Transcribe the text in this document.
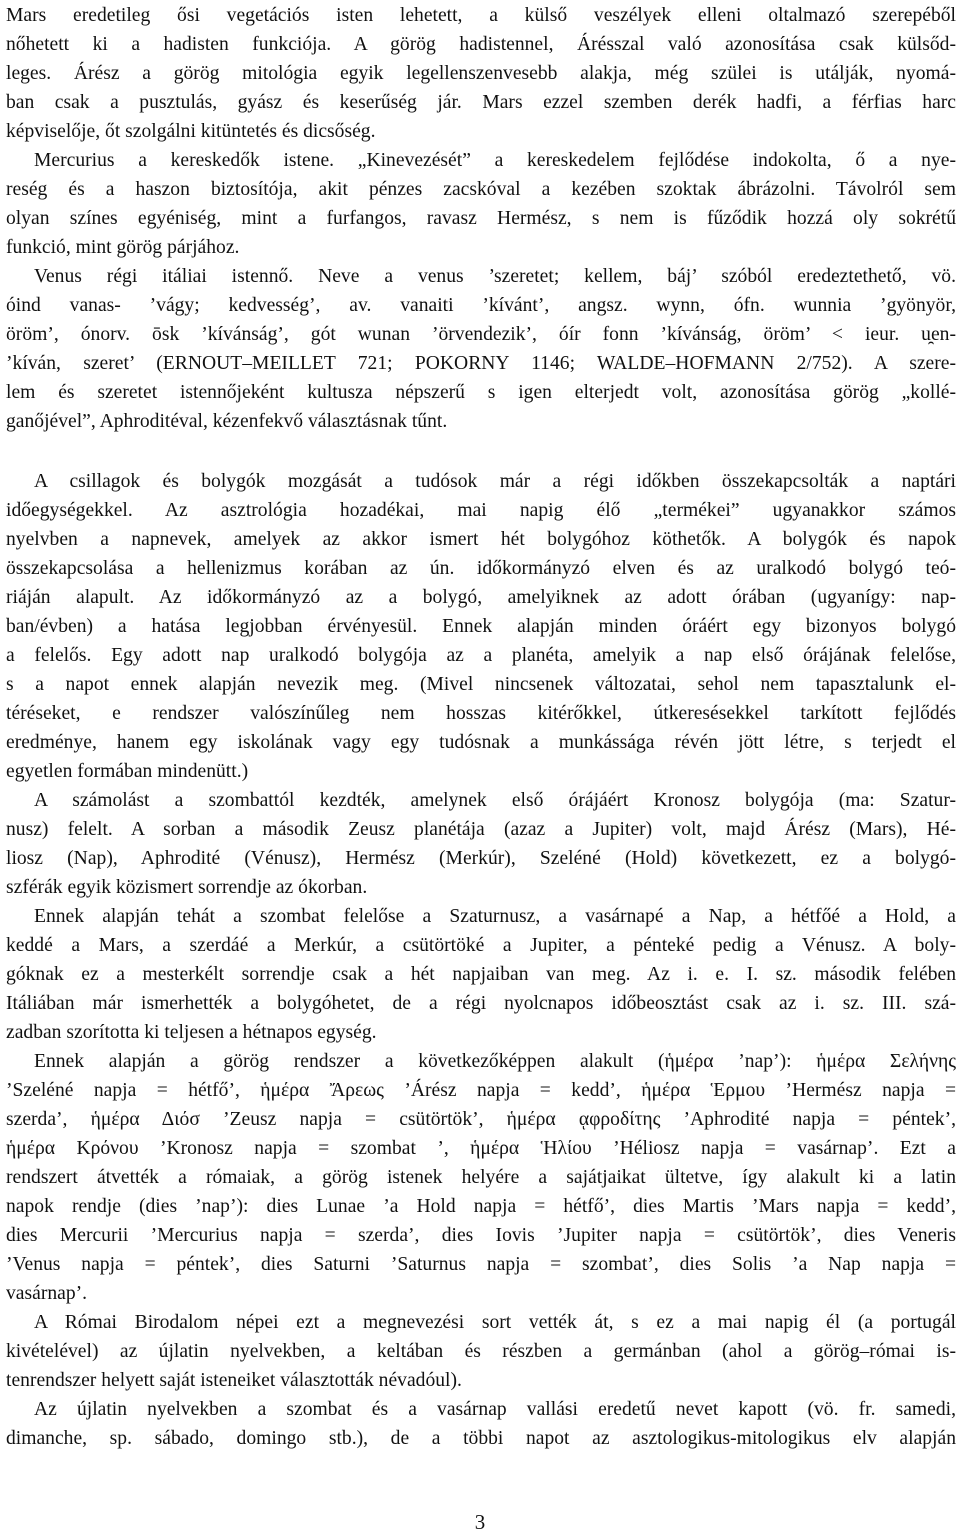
Mars eredetileg ősi vegetációs isten lehetett, a külső veszélyek elleni oltalmazó szerepéből
nőhetett ki a hadisten funkciója. A görög hadistennel, Árésszal való azonosítása csak külsőd-
leges. Árész a görög mitológia egyik legellenszenvesebb alakja, még szülei is utálják, nyomá-
ban csak a pusztulás, gyász és keserűség jár. Mars ezzel szemben derék hadfi, a férfias harc
képviselője, őt szolgálni kitüntetés és dicsőség.
Mercurius a kereskedők istene. „Kinevezését” a kereskedelem fejlődése indokolta, ő a nye-
reség és a haszon biztosítója, akit pénzes zacskóval a kezében szoktak ábrázolni. Távolról sem
olyan színes egyéniség, mint a furfangos, ravasz Hermész, s nem is fűződik hozzá oly sokrétű
funkció, mint görög párjához.
Venus régi itáliai istennő. Neve a venus ’szeretet; kellem, báj’ szóból eredeztethető, vö.
óind vanas- ’vágy; kedvesség’, av. vanaiti ’kívánt’, angsz. wynn, ófn. wunnia ’gyönyör,
öröm’, ónorv. ōsk ’kívánság’, gót wunan ’örvendezik’, óír fonn ’kívánság, öröm’ < ieur. u̯en-
’kíván, szeret’ (ERNOUT–MEILLET 721; POKORNY 1146; WALDE–HOFMANN 2/752). A szere-
lem és szeretet istennőjeként kultusza népszerű s igen elterjedt volt, azonosítása görög „kollé-
ganőjével”, Aphroditéval, kézenfekvő választásnak tűnt.
A csillagok és bolygók mozgását a tudósok már a régi időkben összekapcsolták a naptári
időegységekkel. Az asztrológia hozadékai, mai napig élő „termékei” ugyanakkor számos
nyelvben a napnevek, amelyek az akkor ismert hét bolygóhoz köthetők. A bolygók és napok
összekapcsolása a hellenizmus korában az ún. időkormányzó elven és az uralkodó bolygó teó-
riáján alapult. Az időkormányzó az a bolygó, amelyiknek az adott órában (ugyanígy: nap-
ban/évben) a hatása legjobban érvényesül. Ennek alapján minden óráért egy bizonyos bolygó
a felelős. Egy adott nap uralkodó bolygója az a planéta, amelyik a nap első órájának felelőse,
s a napot ennek alapján nevezik meg. (Mivel nincsenek változatai, sehol nem tapasztalunk el-
téréseket, e rendszer valószínűleg nem hosszas kitérőkkel, útkeresésekkel tarkított fejlődés
eredménye, hanem egy iskolának vagy egy tudósnak a munkássága révén jött létre, s terjedt el
egyetlen formában mindenütt.)
A számolást a szombattól kezdték, amelynek első órájáért Kronosz bolygója (ma: Szatur-
nusz) felelt. A sorban a második Zeusz planétája (azaz a Jupiter) volt, majd Árész (Mars), Hé-
liosz (Nap), Aphrodité (Vénusz), Hermész (Merkúr), Szeléné (Hold) következett, ez a bolygó-
szférák egyik közismert sorrendje az ókorban.
Ennek alapján tehát a szombat felelőse a Szaturnusz, a vasárnapé a Nap, a hétfőé a Hold, a
keddé a Mars, a szerdáé a Merkúr, a csütörtöké a Jupiter, a pénteké pedig a Vénusz. A boly-
góknak ez a mesterkélt sorrendje csak a hét napjaiban van meg. Az i. e. I. sz. második felében
Itáliában már ismerhették a bolygóhetet, de a régi nyolcnapos időbeosztást csak az i. sz. III. szá-
zadban szorította ki teljesen a hétnapos egység.
Ennek alapján a görög rendszer a következőképpen alakult (ἡμέρα ’nap’): ἡμέρα Σελήνης
’Szeléné napja = hétfő’, ἡμέρα Ἄρεως ’Árész napja = kedd’, ἡμέρα Ἑρμου ’Hermész napja =
szerda’, ἡμέρα Διόσ ’Zeusz napja = csütörtök’, ἡμέρα ᾳφροδίτης ’Aphrodité napja = péntek’,
ἡμέρα Κρόνου ’Kronosz napja = szombat ’, ἡμέρα Ἡλίου ’Héliosz napja = vasárnap’. Ezt a
rendszert átvették a rómaiak, a görög istenek helyére a sajátjaikat ültetve, így alakult ki a latin
napok rendje (dies ’nap’): dies Lunae ’a Hold napja = hétfő’, dies Martis ’Mars napja = kedd’,
dies Mercurii ’Mercurius napja = szerda’, dies Iovis ’Jupiter napja = csütörtök’, dies Veneris
’Venus napja = péntek’, dies Saturni ’Saturnus napja = szombat’, dies Solis ’a Nap napja =
vasárnap’.
A Római Birodalom népei ezt a megnevezési sort vették át, s ez a mai napig él (a portugál
kivételével) az újlatin nyelvekben, a keltában és részben a germánban (ahol a görög–római is-
tenrendszer helyett saját isteneiket választották névadóul).
Az újlatin nyelvekben a szombat és a vasárnap vallási eredetű nevet kapott (vö. fr. samedi,
dimanche, sp. sábado, domingo stb.), de a többi napot az asztologikus-mitologikus elv alapján
3
